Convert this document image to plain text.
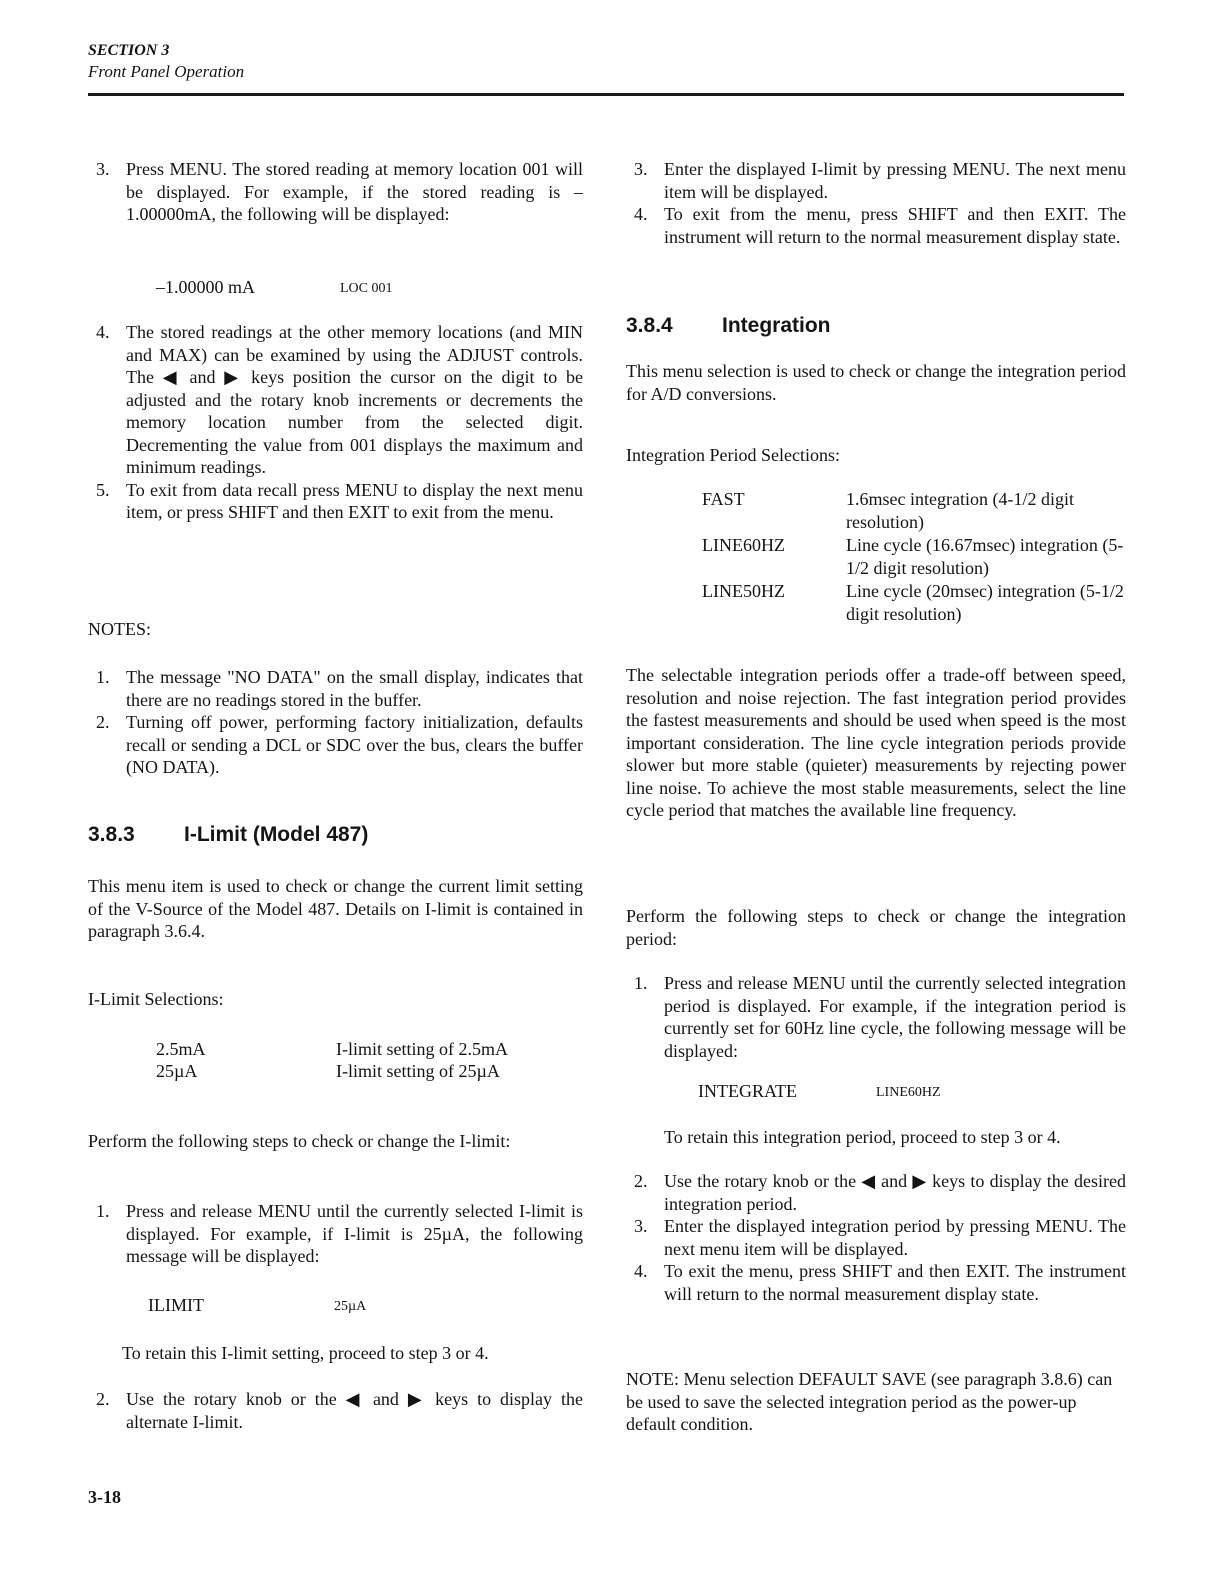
SECTION 3
Front Panel Operation
3. Press MENU. The stored reading at memory location 001 will be displayed. For example, if the stored reading is –1.00000mA, the following will be displayed:
–1.00000 mA	LOC 001
4. The stored readings at the other memory locations (and MIN and MAX) can be examined by using the ADJUST controls. The ◀ and ▶ keys position the cursor on the digit to be adjusted and the rotary knob increments or decrements the memory location number from the selected digit. Decrementing the value from 001 displays the maximum and minimum readings.
5. To exit from data recall press MENU to display the next menu item, or press SHIFT and then EXIT to exit from the menu.
NOTES:
1. The message "NO DATA" on the small display, indicates that there are no readings stored in the buffer.
2. Turning off power, performing factory initialization, defaults recall or sending a DCL or SDC over the bus, clears the buffer (NO DATA).
3.8.3 I-Limit (Model 487)
This menu item is used to check or change the current limit setting of the V-Source of the Model 487. Details on I-limit is contained in paragraph 3.6.4.
I-Limit Selections:
2.5mA	I-limit setting of 2.5mA
25µA	I-limit setting of 25µA
Perform the following steps to check or change the I-limit:
1. Press and release MENU until the currently selected I-limit is displayed. For example, if I-limit is 25µA, the following message will be displayed:
ILIMIT	25µA
To retain this I-limit setting, proceed to step 3 or 4.
2. Use the rotary knob or the ◀ and ▶ keys to display the alternate I-limit.
3. Enter the displayed I-limit by pressing MENU. The next menu item will be displayed.
4. To exit from the menu, press SHIFT and then EXIT. The instrument will return to the normal measurement display state.
3.8.4 Integration
This menu selection is used to check or change the integration period for A/D conversions.
Integration Period Selections:
FAST	1.6msec integration (4-1/2 digit resolution)
LINE60HZ	Line cycle (16.67msec) integration (5-1/2 digit resolution)
LINE50HZ	Line cycle (20msec) integration (5-1/2 digit resolution)
The selectable integration periods offer a trade-off between speed, resolution and noise rejection. The fast integration period provides the fastest measurements and should be used when speed is the most important consideration. The line cycle integration periods provide slower but more stable (quieter) measurements by rejecting power line noise. To achieve the most stable measurements, select the line cycle period that matches the available line frequency.
Perform the following steps to check or change the integration period:
1. Press and release MENU until the currently selected integration period is displayed. For example, if the integration period is currently set for 60Hz line cycle, the following message will be displayed:
INTEGRATE	LINE60HZ
To retain this integration period, proceed to step 3 or 4.
2. Use the rotary knob or the ◀ and ▶ keys to display the desired integration period.
3. Enter the displayed integration period by pressing MENU. The next menu item will be displayed.
4. To exit the menu, press SHIFT and then EXIT. The instrument will return to the normal measurement display state.
NOTE: Menu selection DEFAULT SAVE (see paragraph 3.8.6) can be used to save the selected integration period as the power-up default condition.
3-18
